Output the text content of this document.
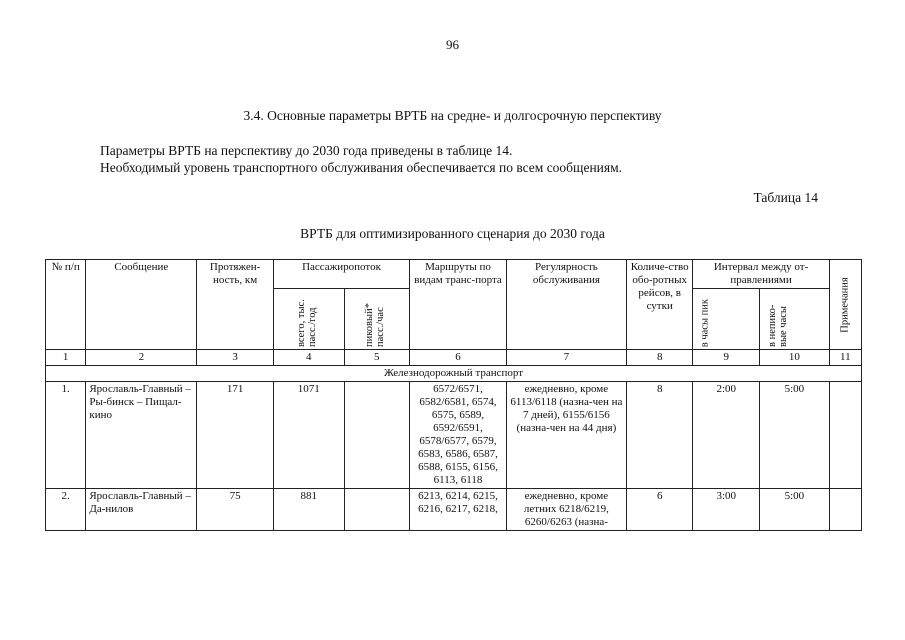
96
3.4. Основные параметры ВРТБ на средне- и долгосрочную перспективу
Параметры ВРТБ на перспективу до 2030 года приведены в таблице 14.
Необходимый уровень транспортного обслуживания обеспечивается по всем сообщениям.
Таблица 14
ВРТБ для оптимизированного сценария до 2030 года
№ п/п	Сообщение	Протяжен-ность, км	Пассажиропоток		Маршруты по видам транс-порта	Регулярность обслуживания	Количе-ство обо-ротных рейсов, в сутки	Интервал между от-правлениями		Примечания

			всего, тыс. пасс./год	пиковый* пасс./час				в часы пик	в непико-вые часы	

1	2	3	4	5	6	7	8	9	10	11
Железнодорожный транспорт										
1.	Ярославль-Главный – Ры-бинск – Пищал-кино	171	1071		6572/6571, 6582/6581, 6574, 6575, 6589, 6592/6591, 6578/6577, 6579, 6583, 6586, 6587, 6588, 6155, 6156, 6113, 6118	ежедневно, кроме 6113/6118 (назна-чен на 7 дней), 6155/6156 (назна-чен на 44 дня)	8	2:00	5:00	
2.	Ярославль-Главный – Да-нилов	75	881		6213, 6214, 6215, 6216, 6217, 6218,	ежедневно, кроме летних 6218/6219, 6260/6263 (назна-	6	3:00	5:00	
